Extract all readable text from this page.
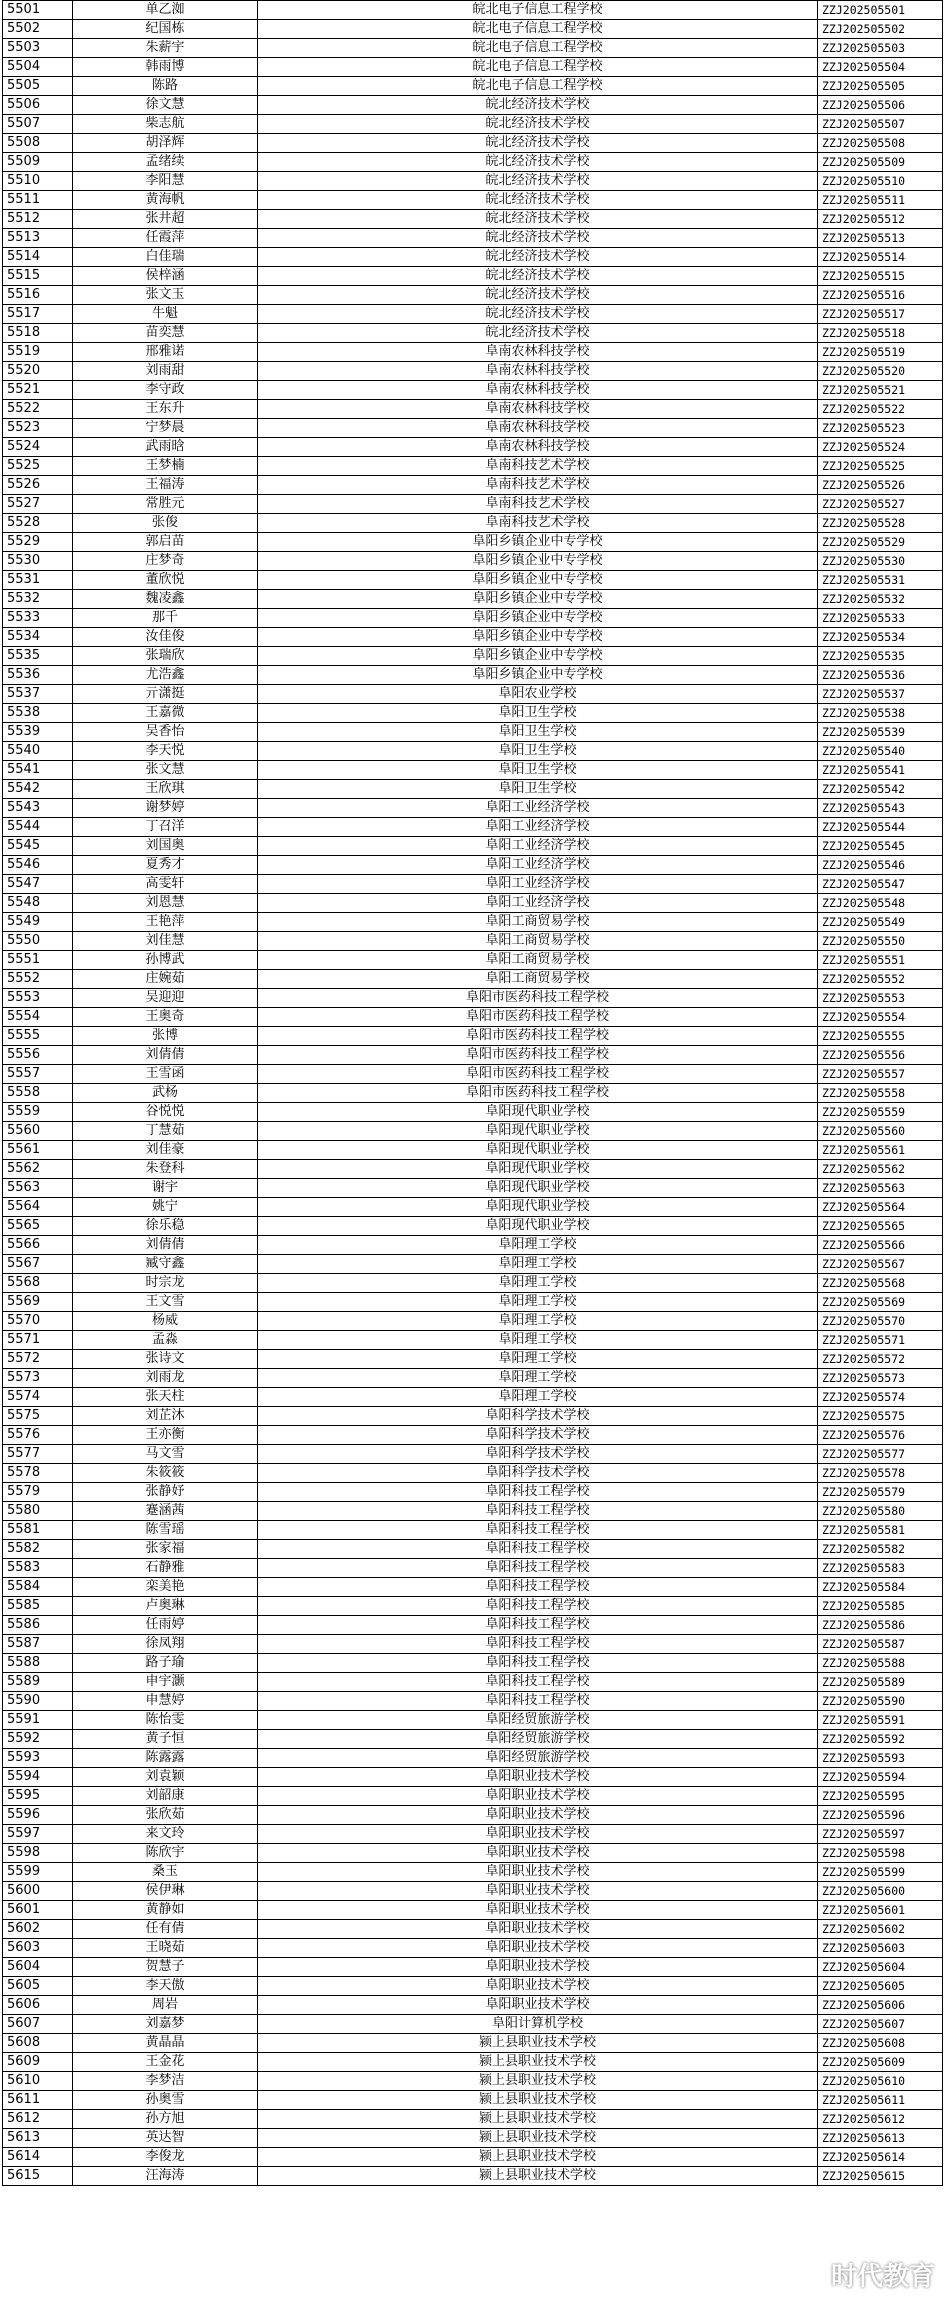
5501	单乙洳	皖北电子信息工程学校	ZZJ202505501
5502	纪国栋	皖北电子信息工程学校	ZZJ202505502
5503	朱薪宇	皖北电子信息工程学校	ZZJ202505503
5504	韩雨博	皖北电子信息工程学校	ZZJ202505504
5505	陈路	皖北电子信息工程学校	ZZJ202505505
5506	徐文慧	皖北经济技术学校	ZZJ202505506
5507	柴志航	皖北经济技术学校	ZZJ202505507
5508	胡泽辉	皖北经济技术学校	ZZJ202505508
5509	孟绪续	皖北经济技术学校	ZZJ202505509
5510	李阳慧	皖北经济技术学校	ZZJ202505510
5511	黄海帆	皖北经济技术学校	ZZJ202505511
5512	张井超	皖北经济技术学校	ZZJ202505512
5513	任霞萍	皖北经济技术学校	ZZJ202505513
5514	白佳瑞	皖北经济技术学校	ZZJ202505514
5515	侯梓涵	皖北经济技术学校	ZZJ202505515
5516	张文玉	皖北经济技术学校	ZZJ202505516
5517	牛魁	皖北经济技术学校	ZZJ202505517
5518	苗奕慧	皖北经济技术学校	ZZJ202505518
5519	邢雅诺	阜南农林科技学校	ZZJ202505519
5520	刘雨甜	阜南农林科技学校	ZZJ202505520
5521	李守政	阜南农林科技学校	ZZJ202505521
5522	王东升	阜南农林科技学校	ZZJ202505522
5523	宁梦晨	阜南农林科技学校	ZZJ202505523
5524	武雨晗	阜南农林科技学校	ZZJ202505524
5525	王梦楠	阜南科技艺术学校	ZZJ202505525
5526	王福涛	阜南科技艺术学校	ZZJ202505526
5527	常胜元	阜南科技艺术学校	ZZJ202505527
5528	张俊	阜南科技艺术学校	ZZJ202505528
5529	郭启苗	阜阳乡镇企业中专学校	ZZJ202505529
5530	庄梦奇	阜阳乡镇企业中专学校	ZZJ202505530
5531	董欣悦	阜阳乡镇企业中专学校	ZZJ202505531
5532	魏凌鑫	阜阳乡镇企业中专学校	ZZJ202505532
5533	那千	阜阳乡镇企业中专学校	ZZJ202505533
5534	汝佳俊	阜阳乡镇企业中专学校	ZZJ202505534
5535	张瑞欣	阜阳乡镇企业中专学校	ZZJ202505535
5536	尤浩鑫	阜阳乡镇企业中专学校	ZZJ202505536
5537	亓潇挺	阜阳农业学校	ZZJ202505537
5538	王嘉微	阜阳卫生学校	ZZJ202505538
5539	吴香怡	阜阳卫生学校	ZZJ202505539
5540	李天悦	阜阳卫生学校	ZZJ202505540
5541	张文慧	阜阳卫生学校	ZZJ202505541
5542	王欣琪	阜阳卫生学校	ZZJ202505542
5543	谢梦婷	阜阳工业经济学校	ZZJ202505543
5544	丁召洋	阜阳工业经济学校	ZZJ202505544
5545	刘国奥	阜阳工业经济学校	ZZJ202505545
5546	夏秀才	阜阳工业经济学校	ZZJ202505546
5547	高雯轩	阜阳工业经济学校	ZZJ202505547
5548	刘恩慧	阜阳工业经济学校	ZZJ202505548
5549	王艳萍	阜阳工商贸易学校	ZZJ202505549
5550	刘佳慧	阜阳工商贸易学校	ZZJ202505550
5551	孙博武	阜阳工商贸易学校	ZZJ202505551
5552	庄婉茹	阜阳工商贸易学校	ZZJ202505552
5553	吴迎迎	阜阳市医药科技工程学校	ZZJ202505553
5554	王奥奇	阜阳市医药科技工程学校	ZZJ202505554
5555	张博	阜阳市医药科技工程学校	ZZJ202505555
5556	刘倩倩	阜阳市医药科技工程学校	ZZJ202505556
5557	王雪函	阜阳市医药科技工程学校	ZZJ202505557
5558	武杨	阜阳市医药科技工程学校	ZZJ202505558
5559	谷悦悦	阜阳现代职业学校	ZZJ202505559
5560	丁慧茹	阜阳现代职业学校	ZZJ202505560
5561	刘佳豪	阜阳现代职业学校	ZZJ202505561
5562	朱登科	阜阳现代职业学校	ZZJ202505562
5563	谢宇	阜阳现代职业学校	ZZJ202505563
5564	姚宁	阜阳现代职业学校	ZZJ202505564
5565	徐乐稳	阜阳现代职业学校	ZZJ202505565
5566	刘倩倩	阜阳理工学校	ZZJ202505566
5567	臧守鑫	阜阳理工学校	ZZJ202505567
5568	时宗龙	阜阳理工学校	ZZJ202505568
5569	王文雪	阜阳理工学校	ZZJ202505569
5570	杨威	阜阳理工学校	ZZJ202505570
5571	孟淼	阜阳理工学校	ZZJ202505571
5572	张诗文	阜阳理工学校	ZZJ202505572
5573	刘雨龙	阜阳理工学校	ZZJ202505573
5574	张天柱	阜阳理工学校	ZZJ202505574
5575	刘芷沐	阜阳科学技术学校	ZZJ202505575
5576	王亦衡	阜阳科学技术学校	ZZJ202505576
5577	马文雪	阜阳科学技术学校	ZZJ202505577
5578	朱筱筱	阜阳科学技术学校	ZZJ202505578
5579	张静妤	阜阳科技工程学校	ZZJ202505579
5580	蹇涵茜	阜阳科技工程学校	ZZJ202505580
5581	陈雪瑶	阜阳科技工程学校	ZZJ202505581
5582	张家福	阜阳科技工程学校	ZZJ202505582
5583	石静雅	阜阳科技工程学校	ZZJ202505583
5584	栾美艳	阜阳科技工程学校	ZZJ202505584
5585	卢奥琳	阜阳科技工程学校	ZZJ202505585
5586	任雨婷	阜阳科技工程学校	ZZJ202505586
5587	徐凤翔	阜阳科技工程学校	ZZJ202505587
5588	路子瑜	阜阳科技工程学校	ZZJ202505588
5589	申宇灏	阜阳科技工程学校	ZZJ202505589
5590	申慧婷	阜阳科技工程学校	ZZJ202505590
5591	陈怡雯	阜阳经贸旅游学校	ZZJ202505591
5592	黄子恒	阜阳经贸旅游学校	ZZJ202505592
5593	陈露露	阜阳经贸旅游学校	ZZJ202505593
5594	刘袁颖	阜阳职业技术学校	ZZJ202505594
5595	刘韶康	阜阳职业技术学校	ZZJ202505595
5596	张欣茹	阜阳职业技术学校	ZZJ202505596
5597	来文玲	阜阳职业技术学校	ZZJ202505597
5598	陈欣宇	阜阳职业技术学校	ZZJ202505598
5599	桑玉	阜阳职业技术学校	ZZJ202505599
5600	侯伊琳	阜阳职业技术学校	ZZJ202505600
5601	黄静如	阜阳职业技术学校	ZZJ202505601
5602	任有倩	阜阳职业技术学校	ZZJ202505602
5603	王晓茹	阜阳职业技术学校	ZZJ202505603
5604	贺慧子	阜阳职业技术学校	ZZJ202505604
5605	李天傲	阜阳职业技术学校	ZZJ202505605
5606	周岩	阜阳职业技术学校	ZZJ202505606
5607	刘嘉梦	阜阳计算机学校	ZZJ202505607
5608	黄晶晶	颍上县职业技术学校	ZZJ202505608
5609	王金花	颍上县职业技术学校	ZZJ202505609
5610	李梦洁	颍上县职业技术学校	ZZJ202505610
5611	孙奥雪	颍上县职业技术学校	ZZJ202505611
5612	孙方旭	颍上县职业技术学校	ZZJ202505612
5613	英达智	颍上县职业技术学校	ZZJ202505613
5614	李俊龙	颍上县职业技术学校	ZZJ202505614
5615	汪海涛	颍上县职业技术学校	ZZJ202505615
时代教育
